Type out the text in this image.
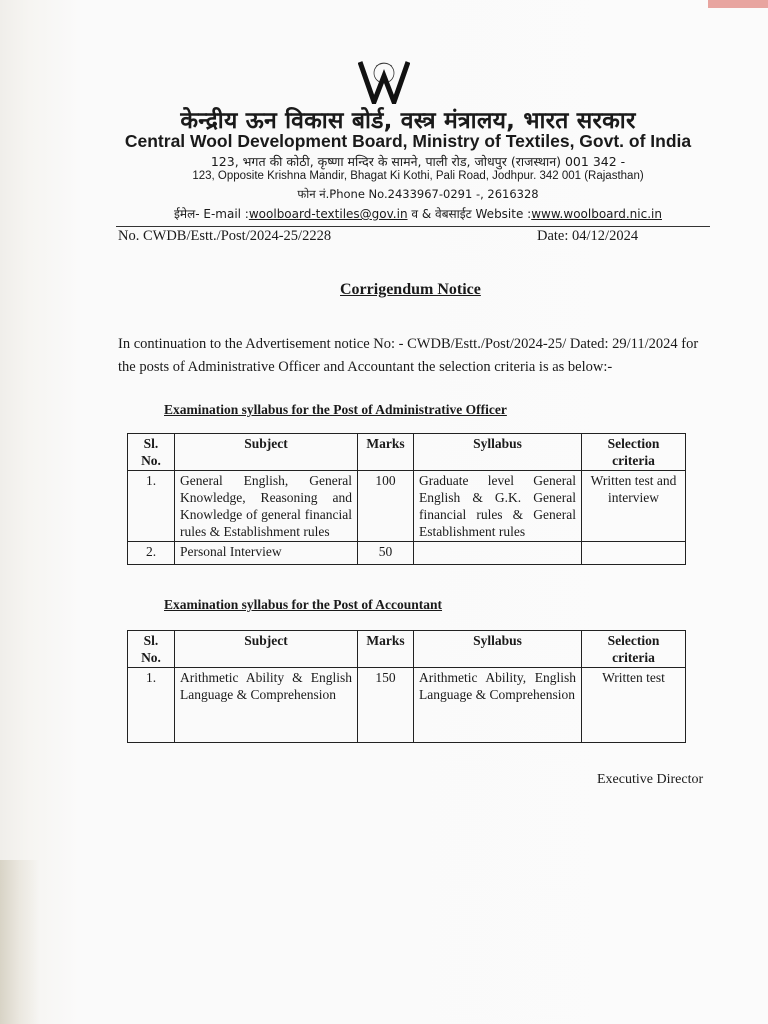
केन्द्रीय ऊन विकास बोर्ड, वस्त्र मंत्रालय, भारत सरकार
Central Wool Development Board, Ministry of Textiles, Govt. of India
123, भगत की कोठी, कृष्णा मन्दिर के सामने, पाली रोड, जोधपुर (राजस्थान) 001 342 -
123, Opposite Krishna Mandir, Bhagat Ki Kothi, Pali Road, Jodhpur. 342 001 (Rajasthan)
फोन नं.Phone No.2433967-0291 -, 2616328
ईमेल- E-mail :woolboard-textiles@gov.in व & वेबसाईट Website :www.woolboard.nic.in
No. CWDB/Estt./Post/2024-25/2228	Date: 04/12/2024
Corrigendum Notice
In continuation to the Advertisement notice No: - CWDB/Estt./Post/2024-25/ Dated: 29/11/2024 for the posts of Administrative Officer and Accountant the selection criteria is as below:-
Examination syllabus for the Post of Administrative Officer
Sl. No.	Subject	Marks	Syllabus	Selection criteria
1.	General English, General Knowledge, Reasoning and Knowledge of general financial rules & Establishment rules	100	Graduate level General English & G.K. General financial rules & General Establishment rules	Written test and interview
2.	Personal Interview	50		
Examination syllabus for the Post of Accountant
Sl. No.	Subject	Marks	Syllabus	Selection criteria
1.	Arithmetic Ability & English Language & Comprehension	150	Arithmetic Ability, English Language & Comprehension	Written test
Executive Director
